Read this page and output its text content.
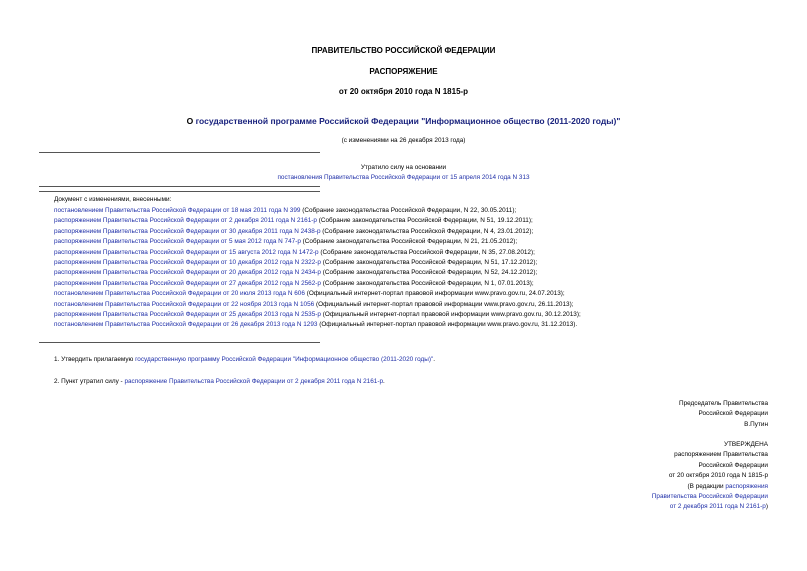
ПРАВИТЕЛЬСТВО РОССИЙСКОЙ ФЕДЕРАЦИИ
РАСПОРЯЖЕНИЕ
от 20 октября 2010 года N 1815-р
О государственной программе Российской Федерации "Информационное общество (2011-2020 годы)"
(с изменениями на 26 декабря 2013 года)
Утратило силу на основании
постановления Правительства Российской Федерации от 15 апреля 2014 года N 313
Документ с изменениями, внесенными:
постановлением Правительства Российской Федерации от 18 мая 2011 года N 399 (Собрание законодательства Российской Федерации, N 22, 30.05.2011);
распоряжением Правительства Российской Федерации от 2 декабря 2011 года N 2161-р (Собрание законодательства Российской Федерации, N 51, 19.12.2011);
распоряжением Правительства Российской Федерации от 30 декабря 2011 года N 2438-р (Собрание законодательства Российской Федерации, N 4, 23.01.2012);
распоряжением Правительства Российской Федерации от 5 мая 2012 года N 747-р (Собрание законодательства Российской Федерации, N 21, 21.05.2012);
распоряжением Правительства Российской Федерации от 15 августа 2012 года N 1472-р (Собрание законодательства Российской Федерации, N 35, 27.08.2012);
распоряжением Правительства Российской Федерации от 10 декабря 2012 года N 2322-р (Собрание законодательства Российской Федерации, N 51, 17.12.2012);
распоряжением Правительства Российской Федерации от 20 декабря 2012 года N 2434-р (Собрание законодательства Российской Федерации, N 52, 24.12.2012);
распоряжением Правительства Российской Федерации от 27 декабря 2012 года N 2562-р (Собрание законодательства Российской Федерации, N 1, 07.01.2013);
постановлением Правительства Российской Федерации от 20 июля 2013 года N 606 (Официальный интернет-портал правовой информации www.pravo.gov.ru, 24.07.2013);
постановлением Правительства Российской Федерации от 22 ноября 2013 года N 1056 (Официальный интернет-портал правовой информации www.pravo.gov.ru, 26.11.2013);
распоряжением Правительства Российской Федерации от 25 декабря 2013 года N 2535-р (Официальный интернет-портал правовой информации www.pravo.gov.ru, 30.12.2013);
постановлением Правительства Российской Федерации от 26 декабря 2013 года N 1293 (Официальный интернет-портал правовой информации www.pravo.gov.ru, 31.12.2013).
1. Утвердить прилагаемую государственную программу Российской Федерации "Информационное общество (2011-2020 годы)".
2. Пункт утратил силу - распоряжение Правительства Российской Федерации от 2 декабря 2011 года N 2161-р.
Председатель Правительства
Российской Федерации
В.Путин
УТВЕРЖДЕНА
распоряжением Правительства
Российской Федерации
от 20 октября 2010 года N 1815-р
(В редакции распоряжения
Правительства Российской Федерации
от 2 декабря 2011 года N 2161-р)
